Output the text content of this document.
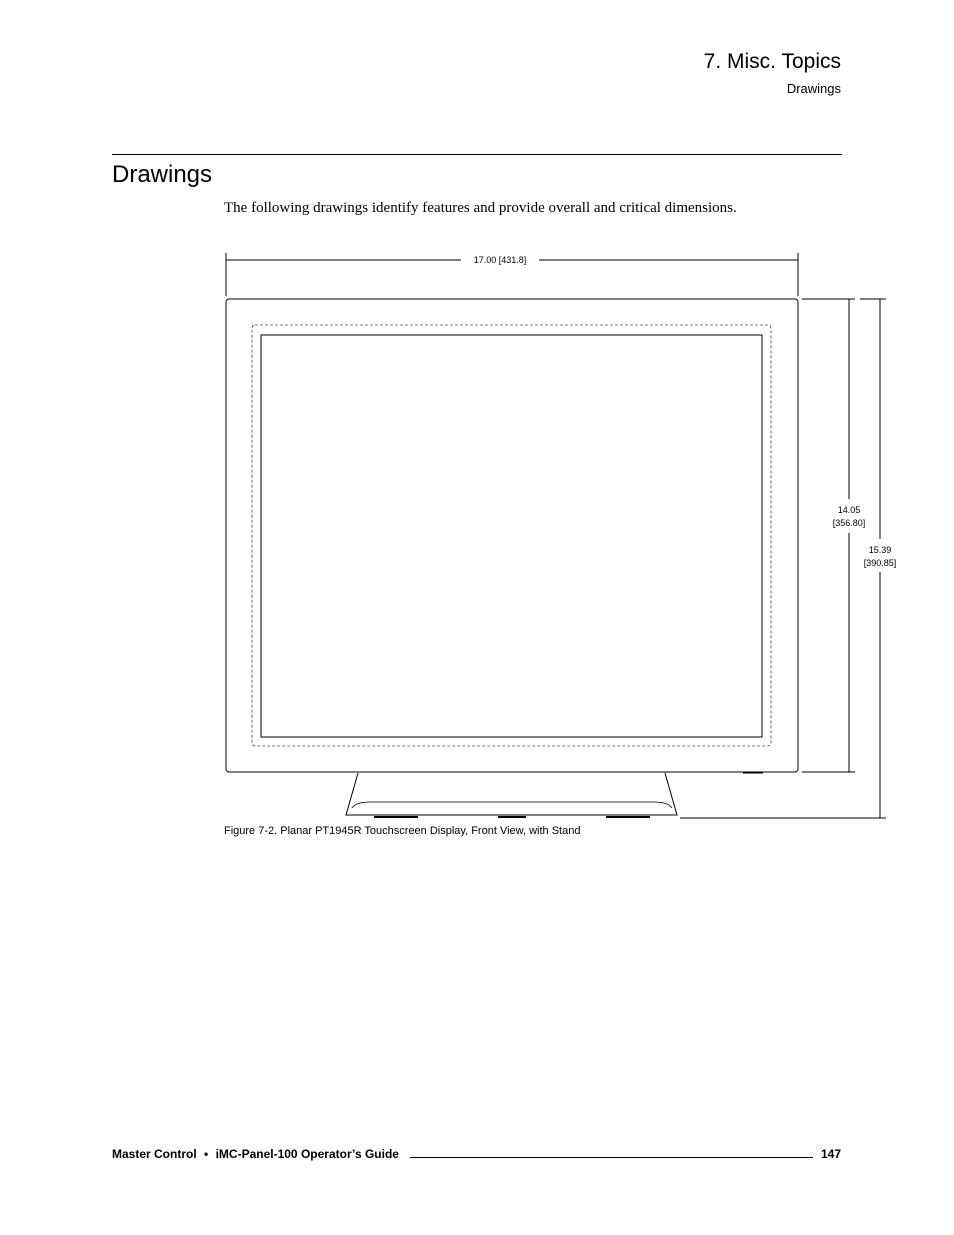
7. Misc. Topics
Drawings
Drawings
The following drawings identify features and provide overall and critical dimensions.
17.00 [431.8]
14.05
[356.80]
15.39
[390.85]
Figure 7-2. Planar PT1945R Touchscreen Display, Front View, with Stand
Master Control • iMC-Panel-100 Operator’s Guide	147
